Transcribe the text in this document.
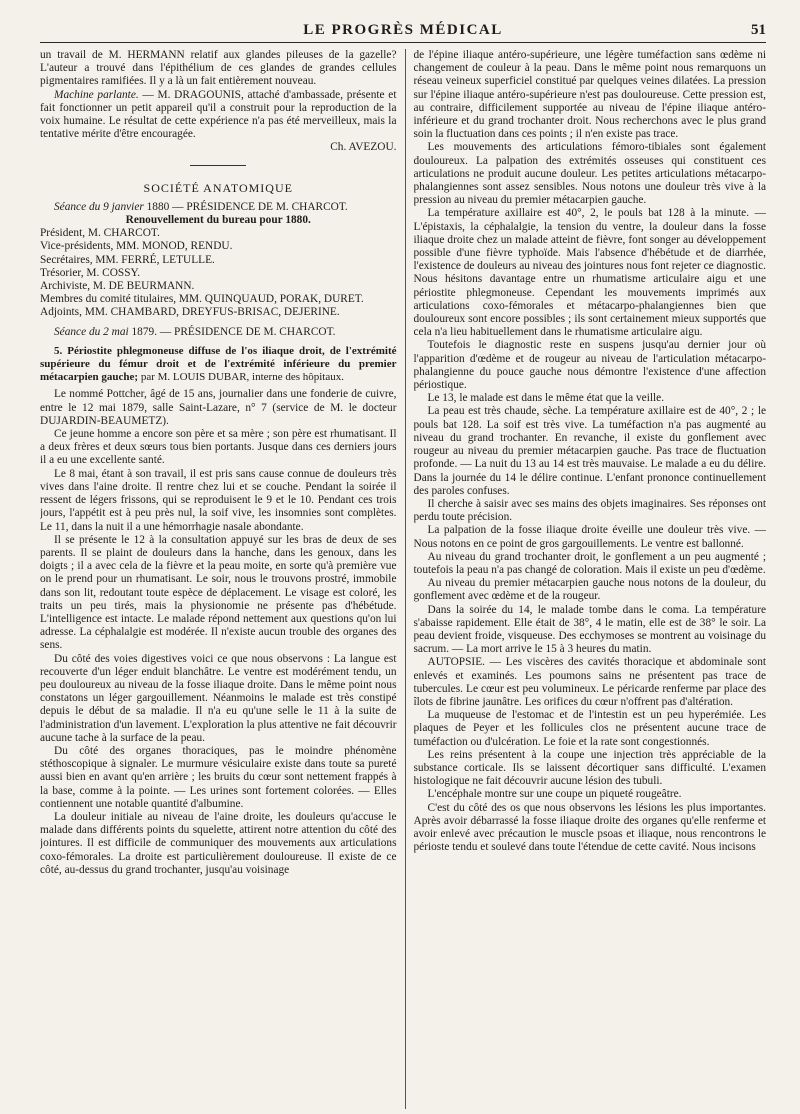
LE PROGRÈS MÉDICAL	51

un travail de M. HERMANN relatif aux glandes pileuses de la gazelle? L'auteur a trouvé dans l'épithélium de ces glandes de grandes cellules pigmentaires ramifiées. Il y a là un fait entièrement nouveau.

Machine parlante. — M. DRAGOUNIS, attaché d'ambassade, présente et fait fonctionner un petit appareil qu'il a construit pour la reproduction de la voix humaine. Le résultat de cette expérience n'a pas été merveilleux, mais la tentative mérite d'être encouragée.

Ch. AVEZOU.

SOCIÉTÉ ANATOMIQUE

Séance du 9 janvier 1880 — PRÉSIDENCE DE M. CHARCOT.

Renouvellement du bureau pour 1880.

Président, M. CHARCOT.

Vice-présidents, MM. MONOD, RENDU.

Secrétaires, MM. FERRÉ, LETULLE.

Trésorier, M. COSSY.

Archiviste, M. DE BEURMANN.

Membres du comité titulaires, MM. QUINQUAUD, PORAK, DURET.

Adjoints, MM. CHAMBARD, DREYFUS-BRISAC, DEJERINE.

Séance du 2 mai 1879. — PRÉSIDENCE DE M. CHARCOT.

5. Périostite phlegmoneuse diffuse de l'os iliaque droit, de l'extrémité supérieure du fémur droit et de l'extrémité inférieure du premier métacarpien gauche; par M. LOUIS DUBAR, interne des hôpitaux.

Le nommé Pottcher, âgé de 15 ans, journalier dans une fonderie de cuivre, entre le 12 mai 1879, salle Saint-Lazare, n° 7 (service de M. le docteur DUJARDIN-BEAUMETZ).

Ce jeune homme a encore son père et sa mère ; son père est rhumatisant. Il a deux frères et deux sœurs tous bien portants. Jusque dans ces derniers jours il a eu une excellente santé.

Le 8 mai, étant à son travail, il est pris sans cause connue de douleurs très vives dans l'aine droite. Il rentre chez lui et se couche. Pendant la soirée il ressent de légers frissons, qui se reproduisent le 9 et le 10. Pendant ces trois jours, l'appétit est à peu près nul, la soif vive, les insomnies sont complètes. Le 11, dans la nuit il a une hémorrhagie nasale abondante.

Il se présente le 12 à la consultation appuyé sur les bras de deux de ses parents. Il se plaint de douleurs dans la hanche, dans les genoux, dans les doigts ; il a avec cela de la fièvre et la peau moite, en sorte qu'à première vue on le prend pour un rhumatisant. Le soir, nous le trouvons prostré, immobile dans son lit, redoutant toute espèce de déplacement. Le visage est coloré, les traits un peu tirés, mais la physionomie ne présente pas d'hébétude. L'intelligence est intacte. Le malade répond nettement aux questions qu'on lui adresse. La céphalalgie est modérée. Il n'existe aucun trouble des organes des sens.

Du côté des voies digestives voici ce que nous observons : La langue est recouverte d'un léger enduit blanchâtre. Le ventre est modérément tendu, un peu douloureux au niveau de la fosse iliaque droite. Dans le même point nous constatons un léger gargouillement. Néanmoins le malade est très constipé depuis le début de sa maladie. Il n'a eu qu'une selle le 11 à la suite de l'administration d'un lavement. L'exploration la plus attentive ne fait découvrir aucune tache à la surface de la peau.

Du côté des organes thoraciques, pas le moindre phénomène stéthoscopique à signaler. Le murmure vésiculaire existe dans toute sa pureté aussi bien en avant qu'en arrière ; les bruits du cœur sont nettement frappés à la base, comme à la pointe. — Les urines sont fortement colorées. — Elles contiennent une notable quantité d'albumine.

La douleur initiale au niveau de l'aine droite, les douleurs qu'accuse le malade dans différents points du squelette, attirent notre attention du côté des jointures. Il est difficile de communiquer des mouvements aux articulations coxo-fémorales. La droite est particulièrement douloureuse. Il existe de ce côté, au-dessus du grand trochanter, jusqu'au voisinage

de l'épine iliaque antéro-supérieure, une légère tuméfaction sans œdème ni changement de couleur à la peau. Dans le même point nous remarquons un réseau veineux superficiel constitué par quelques veines dilatées. La pression sur l'épine iliaque antéro-supérieure n'est pas douloureuse. Cette pression est, au contraire, difficilement supportée au niveau de l'épine iliaque antéro-inférieure et du grand trochanter droit. Nous recherchons avec le plus grand soin la fluctuation dans ces points ; il n'en existe pas trace.

Les mouvements des articulations fémoro-tibiales sont également douloureux. La palpation des extrémités osseuses qui constituent ces articulations ne produit aucune douleur. Les petites articulations métacarpo-phalangiennes sont assez sensibles. Nous notons une douleur très vive à la pression au niveau du premier métacarpien gauche.

La température axillaire est 40°, 2, le pouls bat 128 à la minute. — L'épistaxis, la céphalalgie, la tension du ventre, la douleur dans la fosse iliaque droite chez un malade atteint de fièvre, font songer au développement possible d'une fièvre typhoïde. Mais l'absence d'hébétude et de diarrhée, l'existence de douleurs au niveau des jointures nous font rejeter ce diagnostic. Nous hésitons davantage entre un rhumatisme articulaire aigu et une périostite phlegmoneuse. Cependant les mouvements imprimés aux articulations coxo-fémorales et métacarpo-phalangiennes bien que douloureux sont encore possibles ; ils sont certainement mieux supportés que cela n'a lieu habituellement dans le rhumatisme articulaire aigu.

Toutefois le diagnostic reste en suspens jusqu'au dernier jour où l'apparition d'œdème et de rougeur au niveau de l'articulation métacarpo-phalangienne du pouce gauche nous démontre l'existence d'une affection périostique.

Le 13, le malade est dans le même état que la veille.

La peau est très chaude, sèche. La température axillaire est de 40°, 2 ; le pouls bat 128. La soif est très vive. La tuméfaction n'a pas augmenté au niveau du grand trochanter. En revanche, il existe du gonflement avec rougeur au niveau du premier métacarpien gauche. Pas trace de fluctuation profonde. — La nuit du 13 au 14 est très mauvaise. Le malade a eu du délire. Dans la journée du 14 le délire continue. L'enfant prononce continuellement des paroles confuses.

Il cherche à saisir avec ses mains des objets imaginaires. Ses réponses ont perdu toute précision.

La palpation de la fosse iliaque droite éveille une douleur très vive. — Nous notons en ce point de gros gargouillements. Le ventre est ballonné.

Au niveau du grand trochanter droit, le gonflement a un peu augmenté ; toutefois la peau n'a pas changé de coloration. Mais il existe un peu d'œdème.

Au niveau du premier métacarpien gauche nous notons de la douleur, du gonflement avec œdème et de la rougeur.

Dans la soirée du 14, le malade tombe dans le coma. La température s'abaisse rapidement. Elle était de 38°, 4 le matin, elle est de 38° le soir. La peau devient froide, visqueuse. Des ecchymoses se montrent au voisinage du sacrum. — La mort arrive le 15 à 3 heures du matin.

AUTOPSIE. — Les viscères des cavités thoracique et abdominale sont enlevés et examinés. Les poumons sains ne présentent pas trace de tubercules. Le cœur est peu volumineux. Le péricarde renferme par place des îlots de fibrine jaunâtre. Les orifices du cœur n'offrent pas d'altération.

La muqueuse de l'estomac et de l'intestin est un peu hyperémiée. Les plaques de Peyer et les follicules clos ne présentent aucune trace de tuméfaction ou d'ulcération. Le foie et la rate sont congestionnés.

Les reins présentent à la coupe une injection très appréciable de la substance corticale. Ils se laissent décortiquer sans difficulté. L'examen histologique ne fait découvrir aucune lésion des tubuli.

L'encéphale montre sur une coupe un piqueté rougeâtre.

C'est du côté des os que nous observons les lésions les plus importantes. Après avoir débarrassé la fosse iliaque droite des organes qu'elle renferme et avoir enlevé avec précaution le muscle psoas et iliaque, nous rencontrons le périoste tendu et soulevé dans toute l'étendue de cette cavité. Nous incisons
